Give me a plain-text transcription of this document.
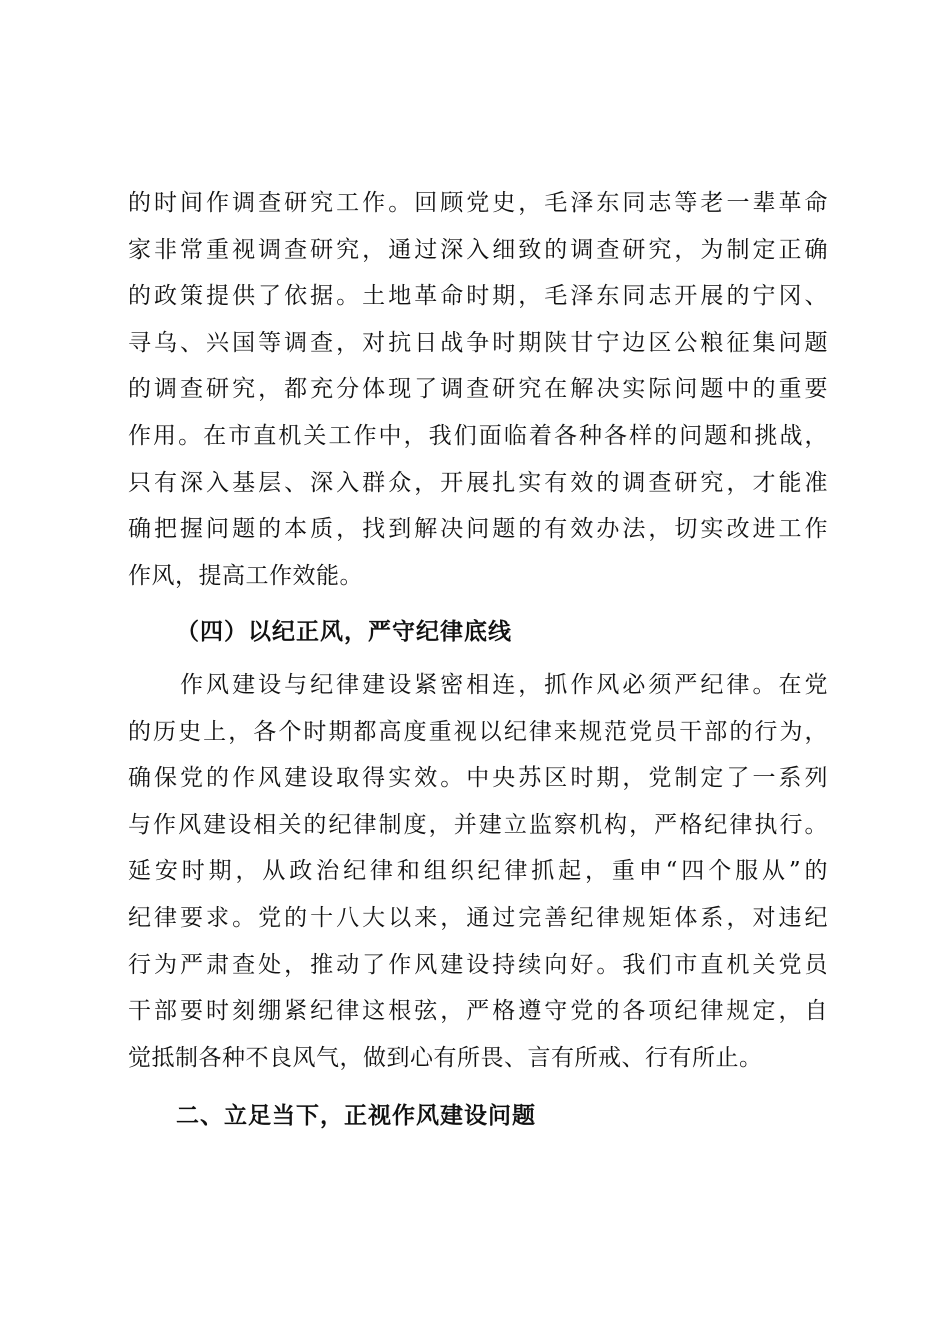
的时间作调查研究工作。回顾党史，毛泽东同志等老一辈革命
家非常重视调查研究，通过深入细致的调查研究，为制定正确
的政策提供了依据。土地革命时期，毛泽东同志开展的宁冈、
寻乌、兴国等调查，对抗日战争时期陕甘宁边区公粮征集问题
的调查研究，都充分体现了调查研究在解决实际问题中的重要
作用。在市直机关工作中，我们面临着各种各样的问题和挑战，
只有深入基层、深入群众，开展扎实有效的调查研究，才能准
确把握问题的本质，找到解决问题的有效办法，切实改进工作
作风，提高工作效能。
（四）以纪正风，严守纪律底线
　　作风建设与纪律建设紧密相连，抓作风必须严纪律。在党
的历史上，各个时期都高度重视以纪律来规范党员干部的行为，
确保党的作风建设取得实效。中央苏区时期，党制定了一系列
与作风建设相关的纪律制度，并建立监察机构，严格纪律执行。
延安时期，从政治纪律和组织纪律抓起，重申“四个服从”的
纪律要求。党的十八大以来，通过完善纪律规矩体系，对违纪
行为严肃查处，推动了作风建设持续向好。我们市直机关党员
干部要时刻绷紧纪律这根弦，严格遵守党的各项纪律规定，自
觉抵制各种不良风气，做到心有所畏、言有所戒、行有所止。
二、立足当下，正视作风建设问题
